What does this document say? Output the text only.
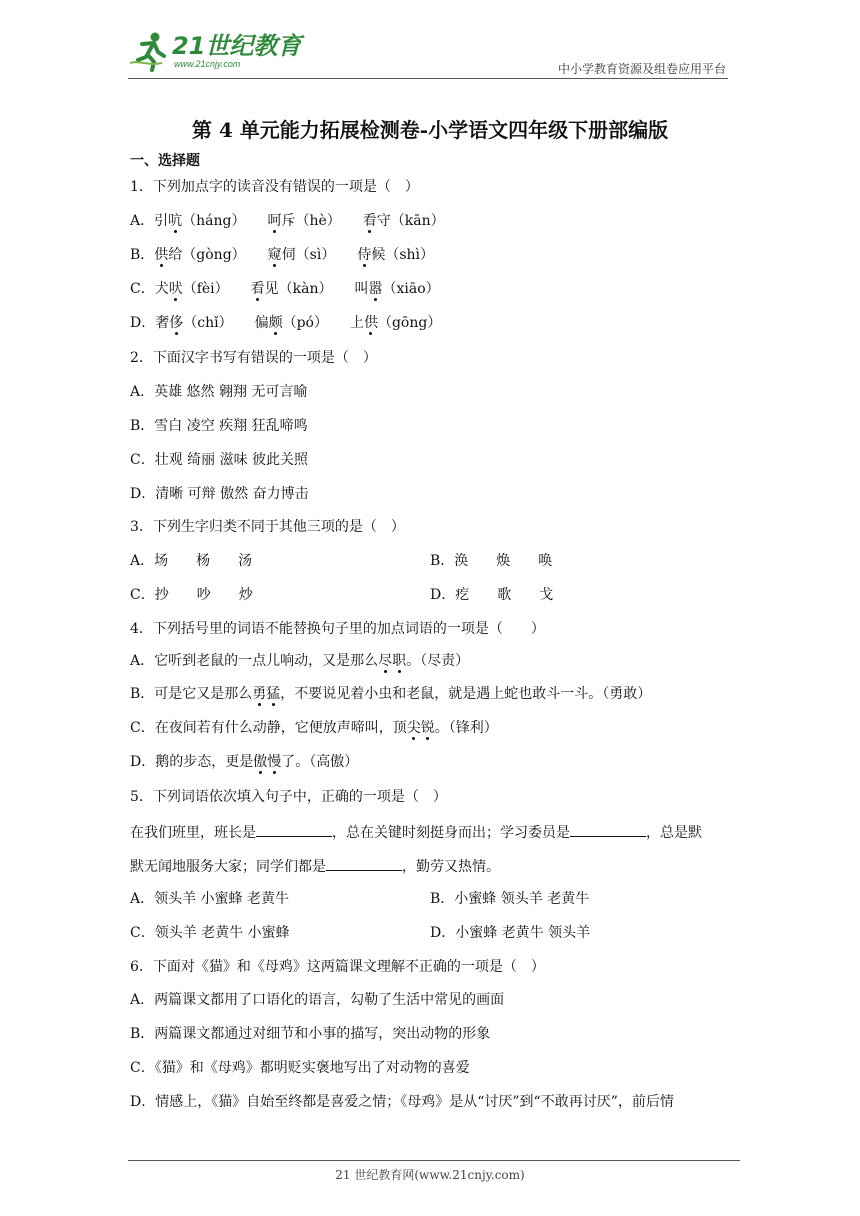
21世纪教育
www.21cnjy.com	中小学教育资源及组卷应用平台
第 4 单元能力拓展检测卷-小学语文四年级下册部编版
一、选择题
1．下列加点字的读音没有错误的一项是（　）
A．引吭（háng） 呵斥（hè） 看守（kān）
B．供给（gòng） 窥伺（sì） 侍候（shì）
C．犬吠（fèi） 看见（kàn） 叫嚣（xiāo）
D．奢侈（chǐ） 偏颇（pó） 上供（gōng）
2．下面汉字书写有错误的一项是（　）
A．英雄 悠然 翱翔 无可言喻
B．雪白 凌空 疾翔 狂乱啼鸣
C．壮观 绮丽 滋味 彼此关照
D．清晰 可辩 傲然 奋力博击
3．下列生字归类不同于其他三项的是（　）
A．场　　杨　　汤	B．涣　　焕　　唤
C．抄　　吵　　炒	D．疙　　歌　　戈
4．下列括号里的词语不能替换句子里的加点词语的一项是（　　）
A．它听到老鼠的一点儿响动，又是那么尽职。（尽责）
B．可是它又是那么勇猛，不要说见着小虫和老鼠，就是遇上蛇也敢斗一斗。（勇敢）
C．在夜间若有什么动静，它便放声啼叫，顶尖锐。（锋利）
D．鹅的步态，更是傲慢了。（高傲）
5．下列词语依次填入句子中，正确的一项是（　）
在我们班里，班长是	，总在关键时刻挺身而出；学习委员是	，总是默
默无闻地服务大家；同学们都是	，勤劳又热情。
A．领头羊 小蜜蜂 老黄牛	B．小蜜蜂 领头羊 老黄牛
C．领头羊 老黄牛 小蜜蜂	D．小蜜蜂 老黄牛 领头羊
6．下面对《猫》和《母鸡》这两篇课文理解不正确的一项是（　）
A．两篇课文都用了口语化的语言，勾勒了生活中常见的画面
B．两篇课文都通过对细节和小事的描写，突出动物的形象
C．《猫》和《母鸡》都明贬实褒地写出了对动物的喜爱
D．情感上，《猫》自始至终都是喜爱之情；《母鸡》是从“讨厌”到“不敢再讨厌”，前后情
21 世纪教育网(www.21cnjy.com)
